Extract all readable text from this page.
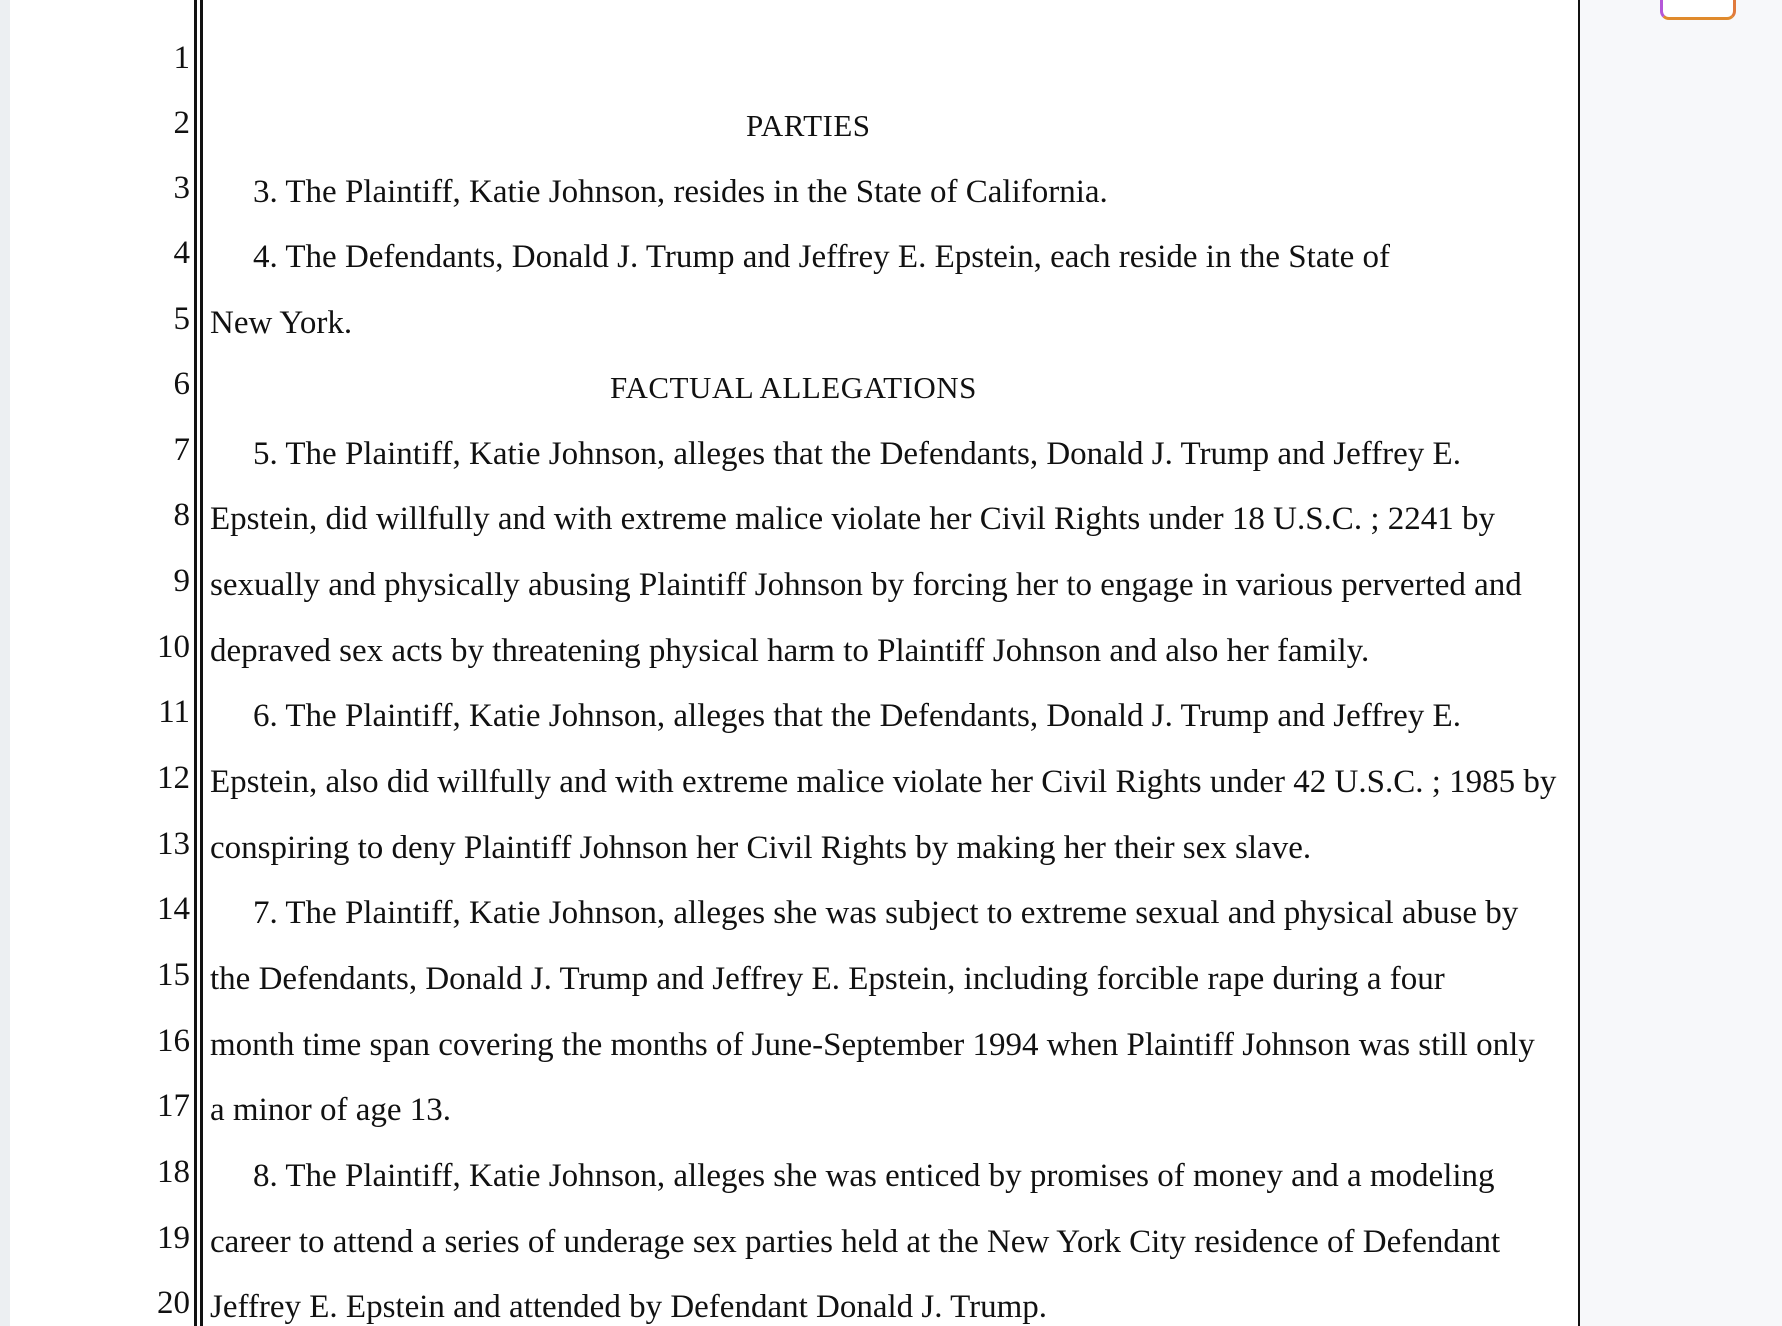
1
2
3
4
5
6
7
8
9
10
11
12
13
14
15
16
17
18
19
20
PARTIES
3. The Plaintiff, Katie Johnson, resides in the State of California.
4. The Defendants, Donald J. Trump and Jeffrey E. Epstein, each reside in the State of
New York.
FACTUAL ALLEGATIONS
5. The Plaintiff, Katie Johnson, alleges that the Defendants, Donald J. Trump and Jeffrey E.
Epstein, did willfully and with extreme malice violate her Civil Rights under 18 U.S.C. ; 2241 by
sexually and physically abusing Plaintiff Johnson by forcing her to engage in various perverted and
depraved sex acts by threatening physical harm to Plaintiff Johnson and also her family.
6. The Plaintiff, Katie Johnson, alleges that the Defendants, Donald J. Trump and Jeffrey E.
Epstein, also did willfully and with extreme malice violate her Civil Rights under 42 U.S.C. ; 1985 by
conspiring to deny Plaintiff Johnson her Civil Rights by making her their sex slave.
7. The Plaintiff, Katie Johnson, alleges she was subject to extreme sexual and physical abuse by
the Defendants, Donald J. Trump and Jeffrey E. Epstein, including forcible rape during a four
month time span covering the months of June-September 1994 when Plaintiff Johnson was still only
a minor of age 13.
8. The Plaintiff, Katie Johnson, alleges she was enticed by promises of money and a modeling
career to attend a series of underage sex parties held at the New York City residence of Defendant
Jeffrey E. Epstein and attended by Defendant Donald J. Trump.
